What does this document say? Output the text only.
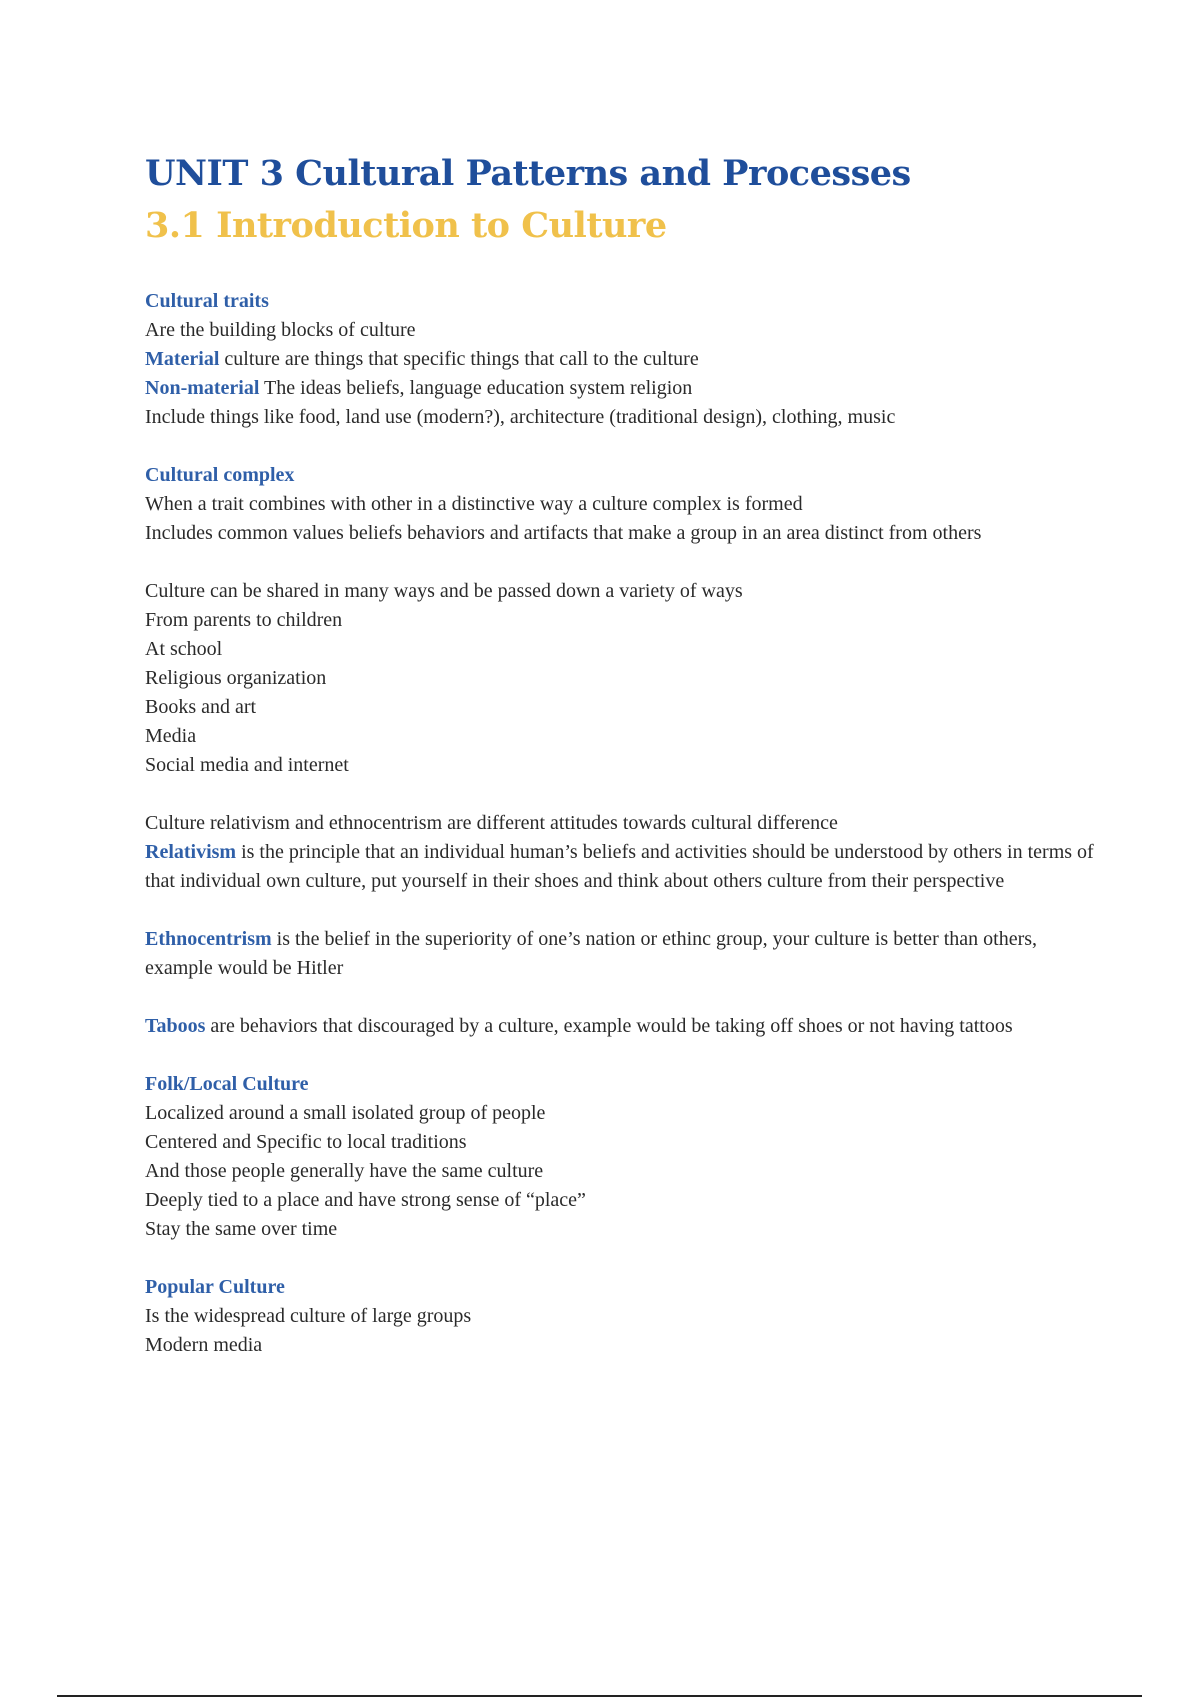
UNIT 3 Cultural Patterns and Processes
3.1 Introduction to Culture
Cultural traits
Are the building blocks of culture
Material culture are things that specific things that call to the culture
Non-material The ideas beliefs, language education system religion
Include things like food, land use (modern?), architecture (traditional design), clothing, music
Cultural complex
When a trait combines with other in a distinctive way a culture complex is formed
Includes common values beliefs behaviors and artifacts that make a group in an area distinct from others
Culture can be shared in many ways and be passed down a variety of ways
From parents to children
At school
Religious organization
Books and art
Media
Social media and internet
Culture relativism and ethnocentrism are different attitudes towards cultural difference

Relativism is the principle that an individual human’s beliefs and activities should be understood by others in terms of that individual own culture, put yourself in their shoes and think about others culture from their perspective

Ethnocentrism is the belief in the superiority of one’s nation or ethinc group, your culture is better than others, example would be Hitler

Taboos are behaviors that discouraged by a culture, example would be taking off shoes or not having tattoos

Folk/Local Culture
Localized around a small isolated group of people
Centered and Specific to local traditions
And those people generally have the same culture
Deeply tied to a place and have strong sense of “place”
Stay the same over time
Popular Culture
Is the widespread culture of large groups
Modern media
